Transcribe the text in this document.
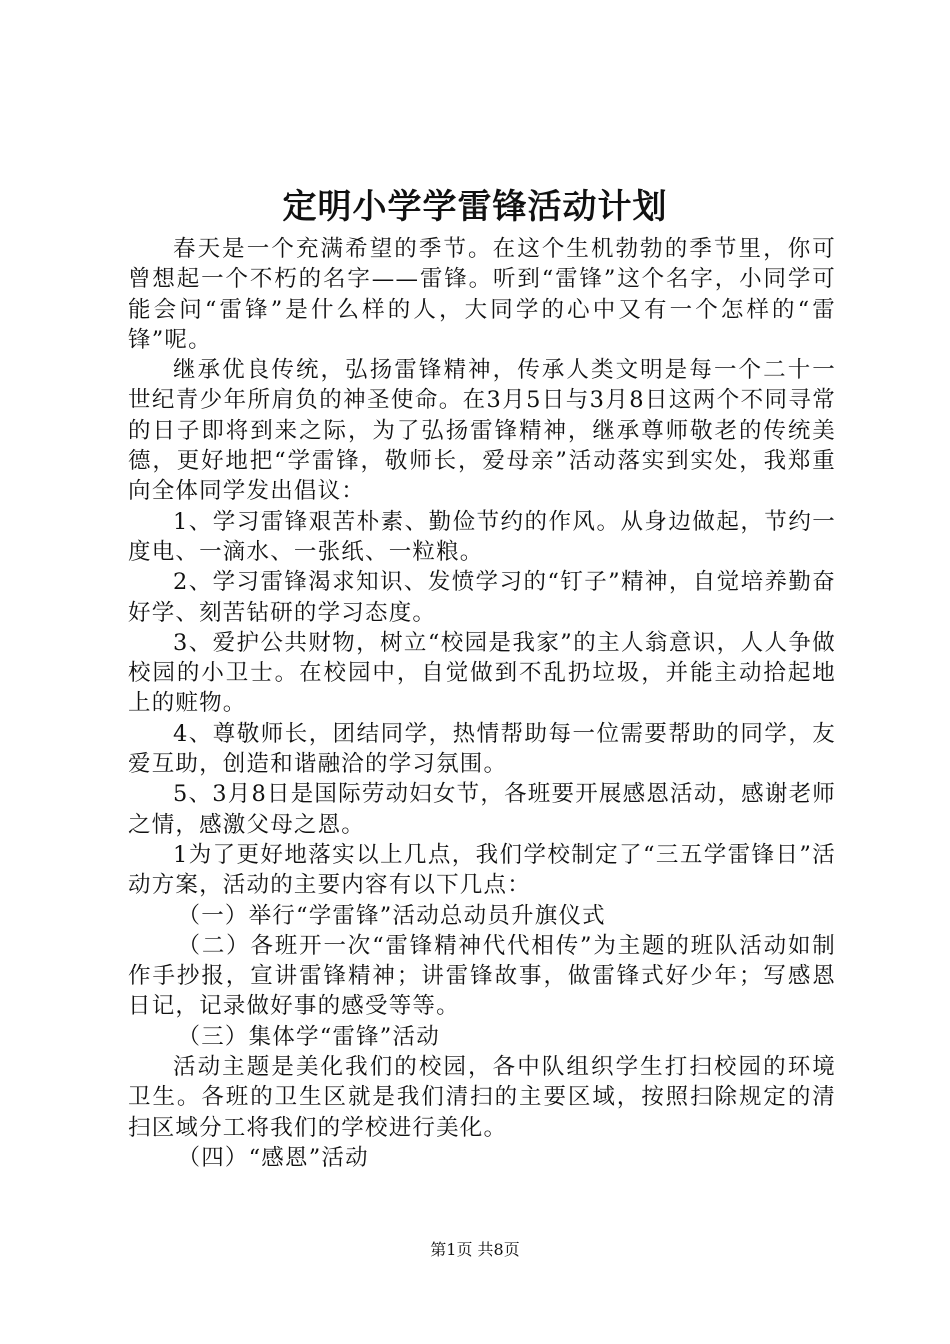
定明小学学雷锋活动计划

春天是一个充满希望的季节。在这个生机勃勃的季节里，你可曾想起一个不朽的名字——雷锋。听到“雷锋”这个名字，小同学可能会问“雷锋”是什么样的人，大同学的心中又有一个怎样的“雷锋”呢。

继承优良传统，弘扬雷锋精神，传承人类文明是每一个二十一世纪青少年所肩负的神圣使命。在3月5日与3月8日这两个不同寻常的日子即将到来之际，为了弘扬雷锋精神，继承尊师敬老的传统美德，更好地把“学雷锋，敬师长，爱母亲”活动落实到实处，我郑重向全体同学发出倡议：

1、学习雷锋艰苦朴素、勤俭节约的作风。从身边做起，节约一度电、一滴水、一张纸、一粒粮。

2、学习雷锋渴求知识、发愤学习的“钉子”精神，自觉培养勤奋好学、刻苦钻研的学习态度。

3、爱护公共财物，树立“校园是我家”的主人翁意识，人人争做校园的小卫士。在校园中，自觉做到不乱扔垃圾，并能主动拾起地上的赃物。

4、尊敬师长，团结同学，热情帮助每一位需要帮助的同学，友爱互助，创造和谐融洽的学习氛围。

5、3月8日是国际劳动妇女节，各班要开展感恩活动，感谢老师之情，感激父母之恩。

1为了更好地落实以上几点，我们学校制定了“三五学雷锋日”活动方案，活动的主要内容有以下几点：

（一）举行“学雷锋”活动总动员升旗仪式

（二）各班开一次“雷锋精神代代相传”为主题的班队活动如制作手抄报，宣讲雷锋精神；讲雷锋故事，做雷锋式好少年；写感恩日记，记录做好事的感受等等。

（三）集体学“雷锋”活动

活动主题是美化我们的校园，各中队组织学生打扫校园的环境卫生。各班的卫生区就是我们清扫的主要区域，按照扫除规定的清扫区域分工将我们的学校进行美化。

（四）“感恩”活动

第1页 共8页
